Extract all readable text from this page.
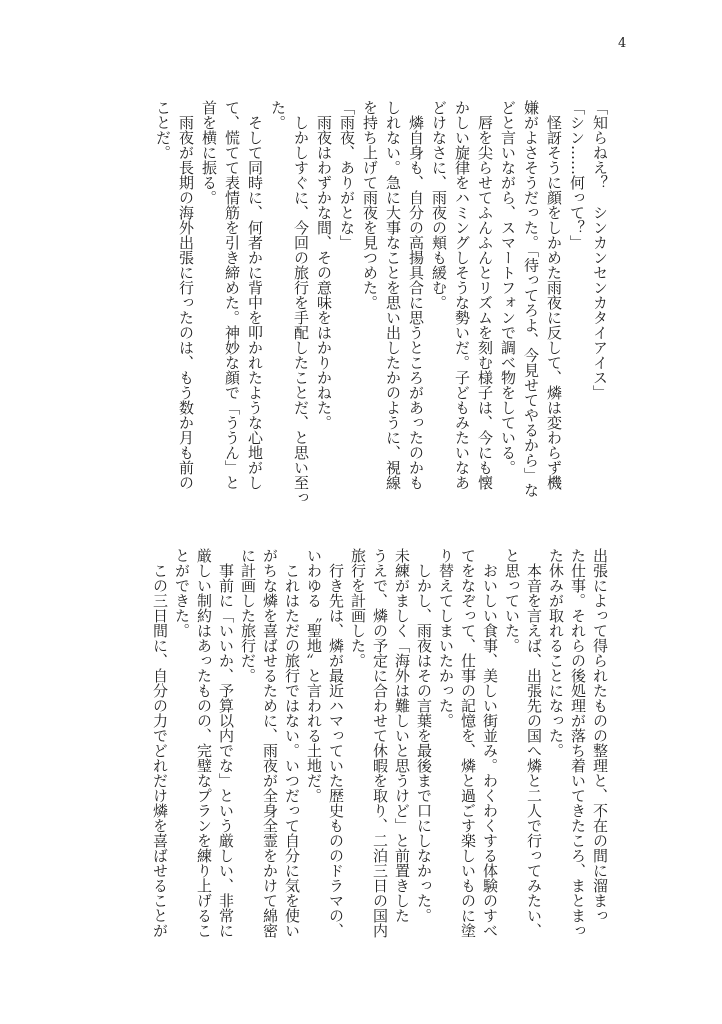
4
「知らねえ？　シンカンセンカタイアイス」
「シン……何って？」
　怪訝そうに顔をしかめた雨夜に反して、燐は変わらず機
嫌がよさそうだった。「待ってろよ、今見せてやるから」な
どと言いながら、スマートフォンで調べ物をしている。
　唇を尖らせてふんふんとリズムを刻む様子は、今にも懐
かしい旋律をハミングしそうな勢いだ。子どもみたいなあ
どけなさに、雨夜の頬も緩む。
　燐自身も、自分の高揚具合に思うところがあったのかも
しれない。急に大事なことを思い出したかのように、視線
を持ち上げて雨夜を見つめた。
「雨夜、ありがとな」
　雨夜はわずかな間、その意味をはかりかねた。
　しかしすぐに、今回の旅行を手配したことだ、と思い至っ
た。
　そして同時に、何者かに背中を叩かれたような心地がし
て、慌てて表情筋を引き締めた。神妙な顔で「ううん」と
首を横に振る。
　雨夜が長期の海外出張に行ったのは、もう数か月も前の
ことだ。
出張によって得られたものの整理と、不在の間に溜まっ
た仕事。それらの後処理が落ち着いてきたころ、まとまっ
た休みが取れることになった。
　本音を言えば、出張先の国へ燐と二人で行ってみたい、
と思っていた。
　おいしい食事、美しい街並み。わくわくする体験のすべ
てをなぞって、仕事の記憶を、燐と過ごす楽しいものに塗
り替えてしまいたかった。
　しかし、雨夜はその言葉を最後まで口にしなかった。
未練がましく「海外は難しいと思うけど」と前置きした
うえで、燐の予定に合わせて休暇を取り、二泊三日の国内
旅行を計画した。
　行き先は、燐が最近ハマっていた歴史もののドラマの、
いわゆる〝聖地〟と言われる土地だ。
　これはただの旅行ではない。いつだって自分に気を使い
がちな燐を喜ばせるために、雨夜が全身全霊をかけて綿密
に計画した旅行だ。
　事前に「いいか、予算以内でな」という厳しい、非常に
厳しい制約はあったものの、完璧なプランを練り上げるこ
とができた。
　この三日間に、自分の力でどれだけ燐を喜ばせることが
